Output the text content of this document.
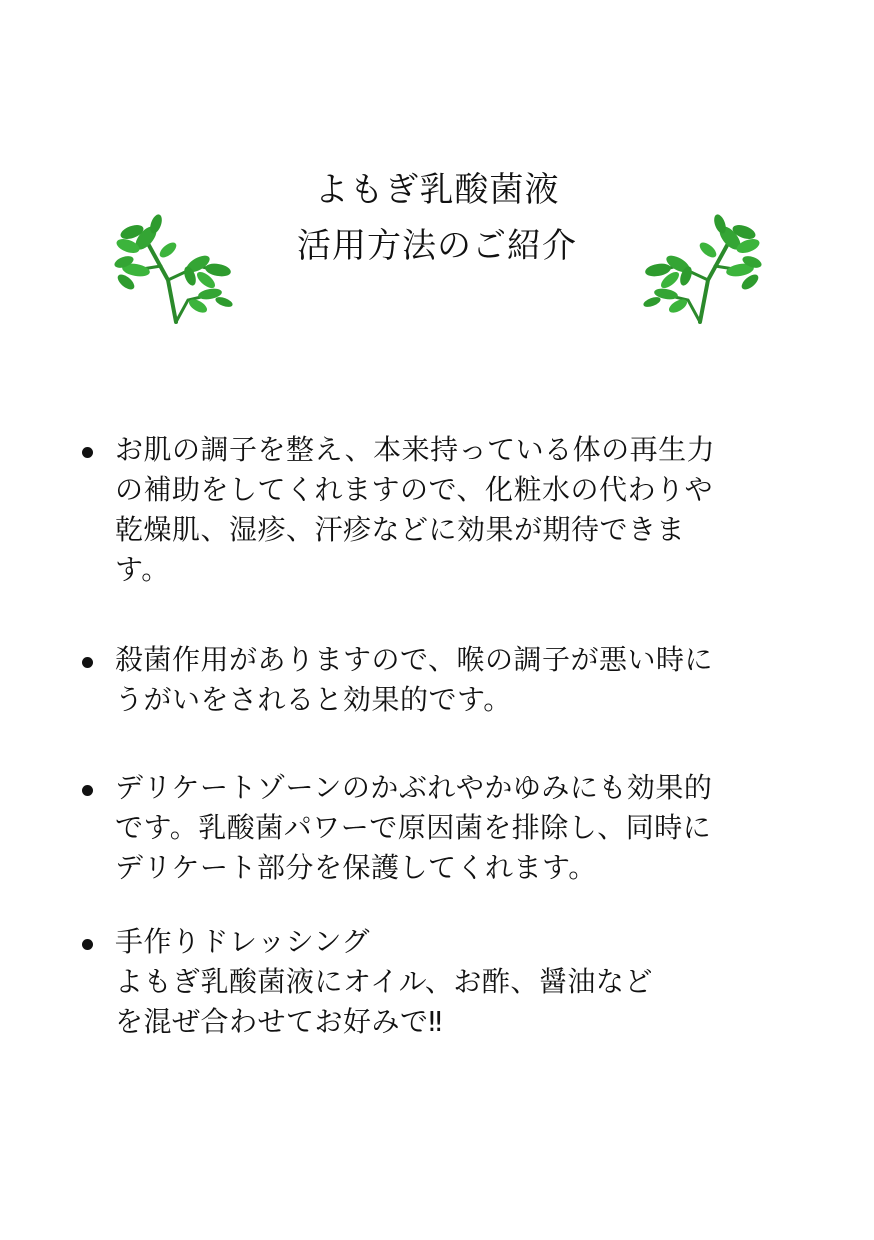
よもぎ乳酸菌液
活用方法のご紹介
お肌の調子を整え、本来持っている体の再生力
の補助をしてくれますので、化粧水の代わりや
乾燥肌、湿疹、汗疹などに効果が期待できま
す。
殺菌作用がありますので、喉の調子が悪い時に
うがいをされると効果的です。
デリケートゾーンのかぶれやかゆみにも効果的
です。乳酸菌パワーで原因菌を排除し、同時に
デリケート部分を保護してくれます。
手作りドレッシング
よもぎ乳酸菌液にオイル、お酢、醤油など
を混ぜ合わせてお好みで‼
